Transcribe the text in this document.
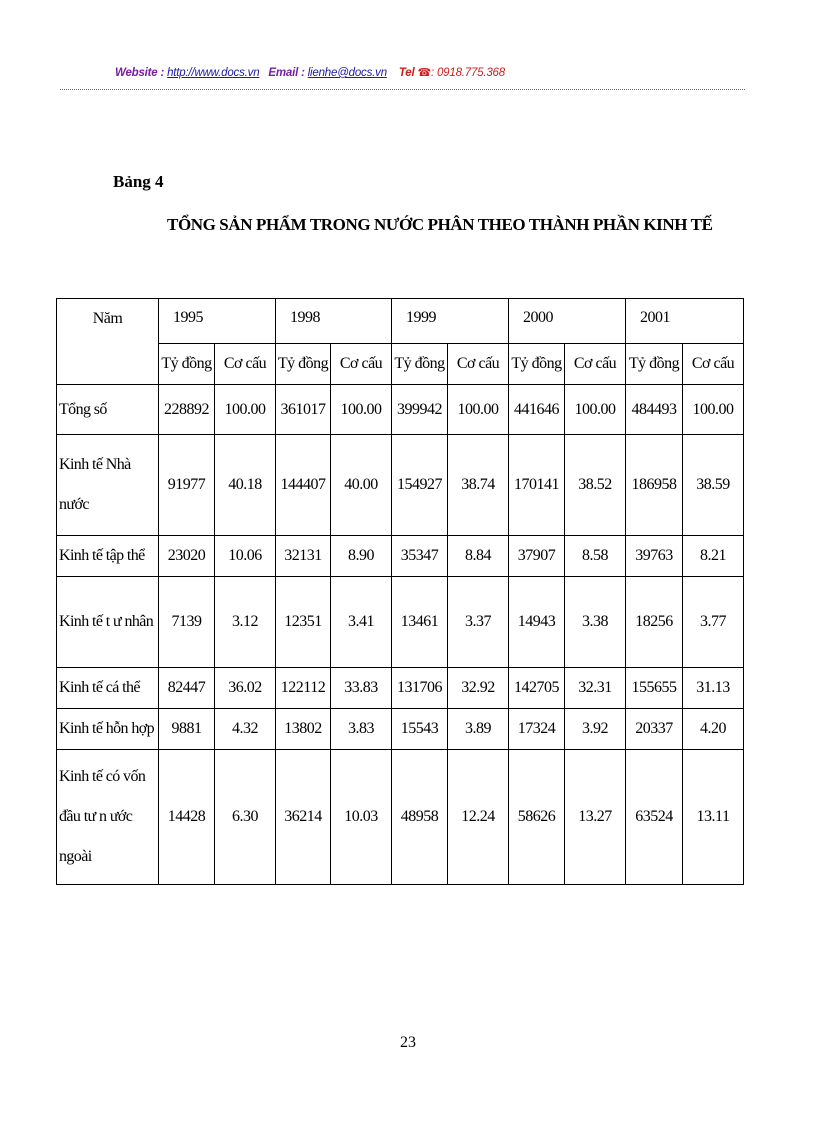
Website : http://www.docs.vn Email : lienhe@docs.vn Tel ☎: 0918.775.368
Bảng 4
TỔNG SẢN PHẨM TRONG NƯỚC PHÂN THEO THÀNH PHẦN KINH TẾ
Năm	1995		1998		1999		2000		2001	
	Tỷ đồng	Cơ cấu	Tỷ đồng	Cơ cấu	Tỷ đồng	Cơ cấu	Tỷ đồng	Cơ cấu	Tỷ đồng	Cơ cấu
Tổng số	228892	100.00	361017	100.00	399942	100.00	441646	100.00	484493	100.00
Kinh tế Nhà nước	91977	40.18	144407	40.00	154927	38.74	170141	38.52	186958	38.59
Kinh tế tập thể	23020	10.06	32131	8.90	35347	8.84	37907	8.58	39763	8.21
Kinh tế t ư nhân	7139	3.12	12351	3.41	13461	3.37	14943	3.38	18256	3.77
Kinh tế cá thể	82447	36.02	122112	33.83	131706	32.92	142705	32.31	155655	31.13
Kinh tế hỗn hợp	9881	4.32	13802	3.83	15543	3.89	17324	3.92	20337	4.20
Kinh tế có vốn đầu tư n ước ngoài	14428	6.30	36214	10.03	48958	12.24	58626	13.27	63524	13.11
23
